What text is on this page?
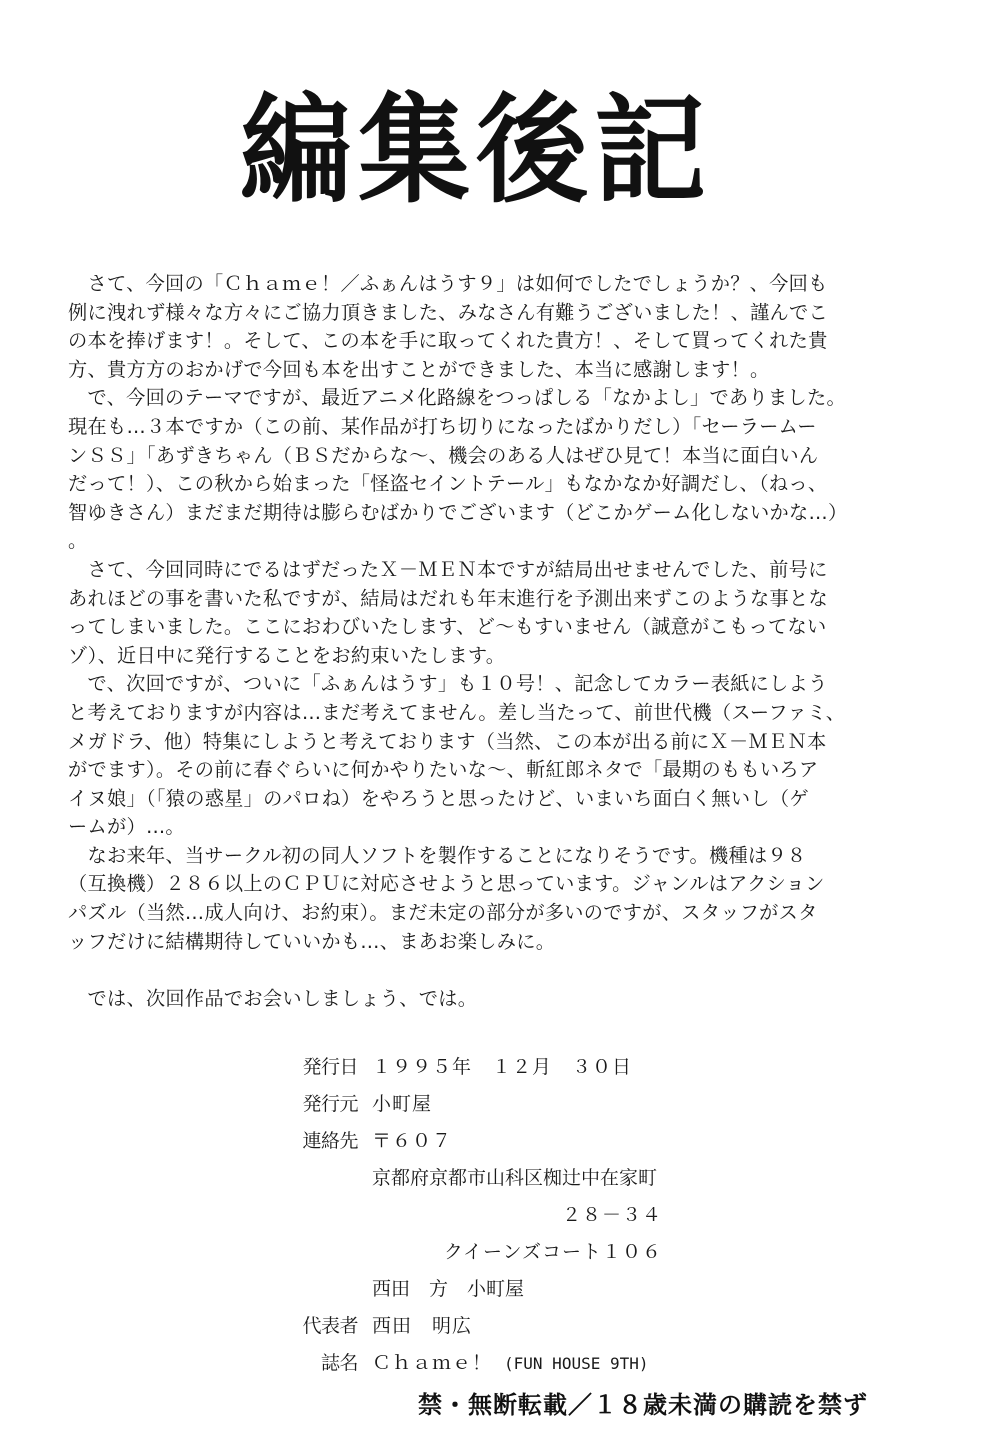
編集後記
　さて、今回の「Ｃｈａｍｅ！／ふぁんはうす９」は如何でしたでしょうか？、今回も
例に洩れず様々な方々にご協力頂きました、みなさん有難うございました！、謹んでこ
の本を捧げます！。そして、この本を手に取ってくれた貴方！、そして買ってくれた貴
方、貴方方のおかげで今回も本を出すことができました、本当に感謝します！。
　で、今回のテーマですが、最近アニメ化路線をつっぱしる「なかよし」でありました。
現在も…３本ですか（この前、某作品が打ち切りになったばかりだし）「セーラームー
ンＳＳ」「あずきちゃん（ＢＳだからな～、機会のある人はぜひ見て！本当に面白いん
だって！）、この秋から始まった「怪盗セイントテール」もなかなか好調だし、（ねっ、
智ゆきさん）まだまだ期待は膨らむばかりでございます（どこかゲーム化しないかな…）
。
　さて、今回同時にでるはずだったＸ－ＭＥＮ本ですが結局出せませんでした、前号に
あれほどの事を書いた私ですが、結局はだれも年末進行を予測出来ずこのような事とな
ってしまいました。ここにおわびいたします、ど～もすいません（誠意がこもってない
ゾ）、近日中に発行することをお約束いたします。
　で、次回ですが、ついに「ふぁんはうす」も１０号！、記念してカラー表紙にしよう
と考えておりますが内容は…まだ考えてません。差し当たって、前世代機（スーファミ、
メガドラ、他）特集にしようと考えております（当然、この本が出る前にＸ－ＭＥＮ本
がでます）。その前に春ぐらいに何かやりたいな～、斬紅郎ネタで「最期のももいろア
イヌ娘」（「猿の惑星」のパロね）をやろうと思ったけど、いまいち面白く無いし（ゲ
ームが）…。
　なお来年、当サークル初の同人ソフトを製作することになりそうです。機種は９８
（互換機）２８６以上のＣＰＵに対応させようと思っています。ジャンルはアクション
パズル（当然…成人向け、お約束）。まだ未定の部分が多いのですが、スタッフがスタ
ッフだけに結構期待していいかも…、まあお楽しみに。
　では、次回作品でお会いしましょう、では。
発行日 １９９５年　１２月　３０日
発行元 小町屋
連絡先 〒６０７
京都府京都市山科区椥辻中在家町
２８－３４
クイーンズコート１０６
西田　方　小町屋
代表者 西田　明広
誌名 Ｃｈａｍｅ！ (FUN HOUSE 9TH)
禁・無断転載／１８歳未満の購読を禁ず
